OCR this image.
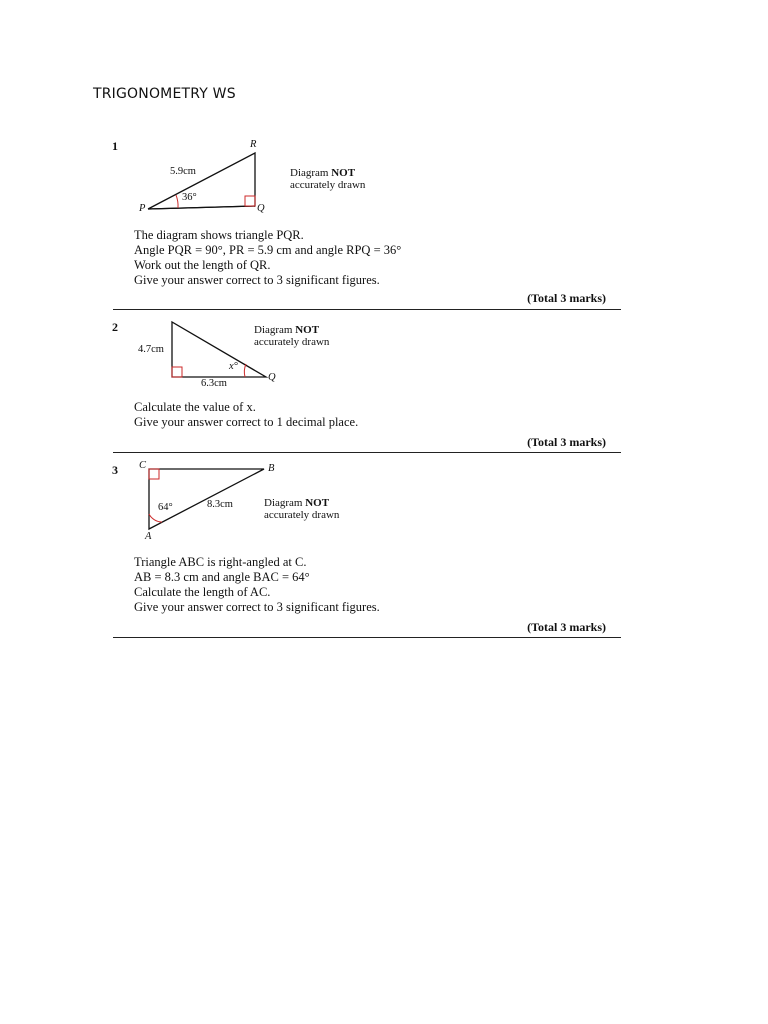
TRIGONOMETRY WS
1
5.9cm
36°
P	Q
R
Diagram NOT
accurately drawn
The diagram shows triangle PQR.
Angle PQR = 90°, PR = 5.9 cm and angle RPQ = 36°
Work out the length of QR.
Give your answer correct to 3 significant figures.
(Total 3 marks)
2
4.7cm
6.3cm
x°
Q
Diagram NOT
accurately drawn
Calculate the value of x.
Give your answer correct to 1 decimal place.
(Total 3 marks)
3 C	B
A
64°	8.3cm	Diagram NOT
accurately drawn
Triangle ABC is right-angled at C.
AB = 8.3 cm and angle BAC = 64°
Calculate the length of AC.
Give your answer correct to 3 significant figures.
(Total 3 marks)
